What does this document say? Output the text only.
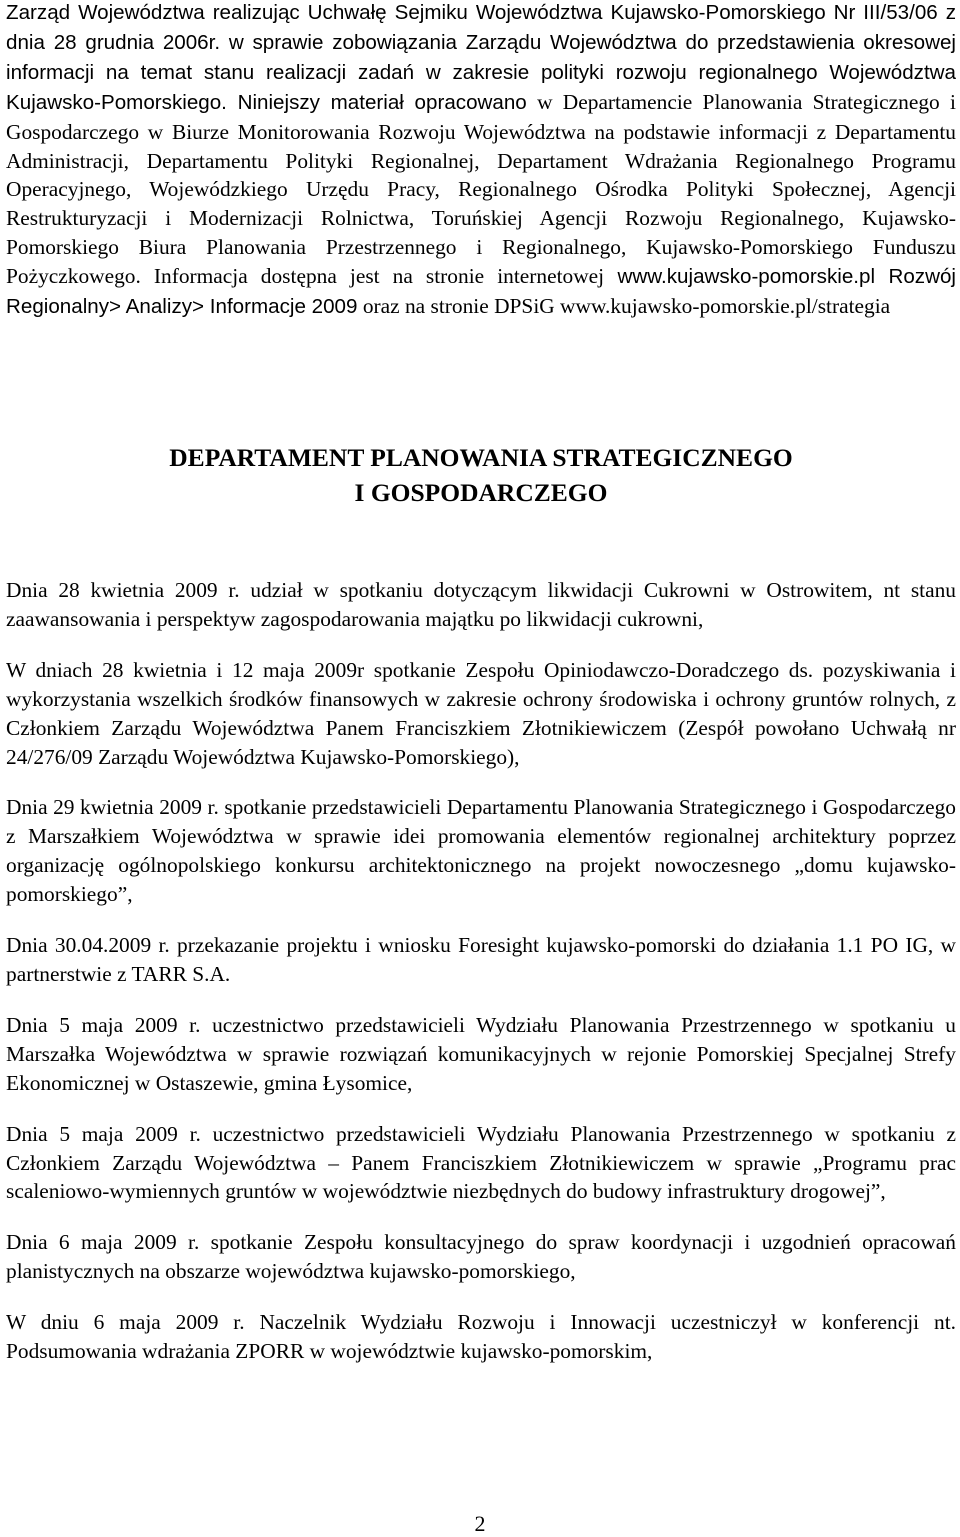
Zarząd Województwa realizując Uchwałę Sejmiku Województwa Kujawsko-Pomorskiego Nr III/53/06 z dnia 28 grudnia 2006r. w sprawie zobowiązania Zarządu Województwa do przedstawienia okresowej informacji na temat stanu realizacji zadań w zakresie polityki rozwoju regionalnego Województwa Kujawsko-Pomorskiego. Niniejszy materiał opracowano w Departamencie Planowania Strategicznego i Gospodarczego w Biurze Monitorowania Rozwoju Województwa na podstawie informacji z Departamentu Administracji, Departamentu Polityki Regionalnej, Departament Wdrażania Regionalnego Programu Operacyjnego, Wojewódzkiego Urzędu Pracy, Regionalnego Ośrodka Polityki Społecznej, Agencji Restrukturyzacji i Modernizacji Rolnictwa, Toruńskiej Agencji Rozwoju Regionalnego, Kujawsko-Pomorskiego Biura Planowania Przestrzennego i Regionalnego, Kujawsko-Pomorskiego Funduszu Pożyczkowego. Informacja dostępna jest na stronie internetowej www.kujawsko-pomorskie.pl Rozwój Regionalny> Analizy> Informacje 2009 oraz na stronie DPSiG www.kujawsko-pomorskie.pl/strategia

DEPARTAMENT PLANOWANIA STRATEGICZNEGO
I GOSPODARCZEGO

Dnia 28 kwietnia 2009 r. udział w spotkaniu dotyczącym likwidacji Cukrowni w Ostrowitem, nt stanu zaawansowania i perspektyw zagospodarowania majątku po likwidacji cukrowni,

W dniach 28 kwietnia i 12 maja 2009r spotkanie Zespołu Opiniodawczo-Doradczego ds. pozyskiwania i wykorzystania wszelkich środków finansowych w zakresie ochrony środowiska i ochrony gruntów rolnych, z Członkiem Zarządu Województwa Panem Franciszkiem Złotnikiewiczem (Zespół powołano Uchwałą nr 24/276/09 Zarządu Województwa Kujawsko-Pomorskiego),

Dnia 29 kwietnia 2009 r. spotkanie przedstawicieli Departamentu Planowania Strategicznego i Gospodarczego z Marszałkiem Województwa w sprawie idei promowania elementów regionalnej architektury poprzez organizację ogólnopolskiego konkursu architektonicznego na projekt nowoczesnego „domu kujawsko-pomorskiego”,

Dnia 30.04.2009 r. przekazanie projektu i wniosku Foresight kujawsko-pomorski do działania 1.1 PO IG, w partnerstwie z TARR S.A.

Dnia 5 maja 2009 r. uczestnictwo przedstawicieli Wydziału Planowania Przestrzennego w spotkaniu u Marszałka Województwa w sprawie rozwiązań komunikacyjnych w rejonie Pomorskiej Specjalnej Strefy Ekonomicznej w Ostaszewie, gmina Łysomice,

Dnia 5 maja 2009 r. uczestnictwo przedstawicieli Wydziału Planowania Przestrzennego w spotkaniu z Członkiem Zarządu Województwa – Panem Franciszkiem Złotnikiewiczem w sprawie „Programu prac scaleniowo-wymiennych gruntów w województwie niezbędnych do budowy infrastruktury drogowej”,

Dnia 6 maja 2009 r. spotkanie Zespołu konsultacyjnego do spraw koordynacji i uzgodnień opracowań planistycznych na obszarze województwa kujawsko-pomorskiego,

W dniu 6 maja 2009 r. Naczelnik Wydziału Rozwoju i Innowacji uczestniczył w konferencji nt. Podsumowania wdrażania ZPORR w województwie kujawsko-pomorskim,

2
